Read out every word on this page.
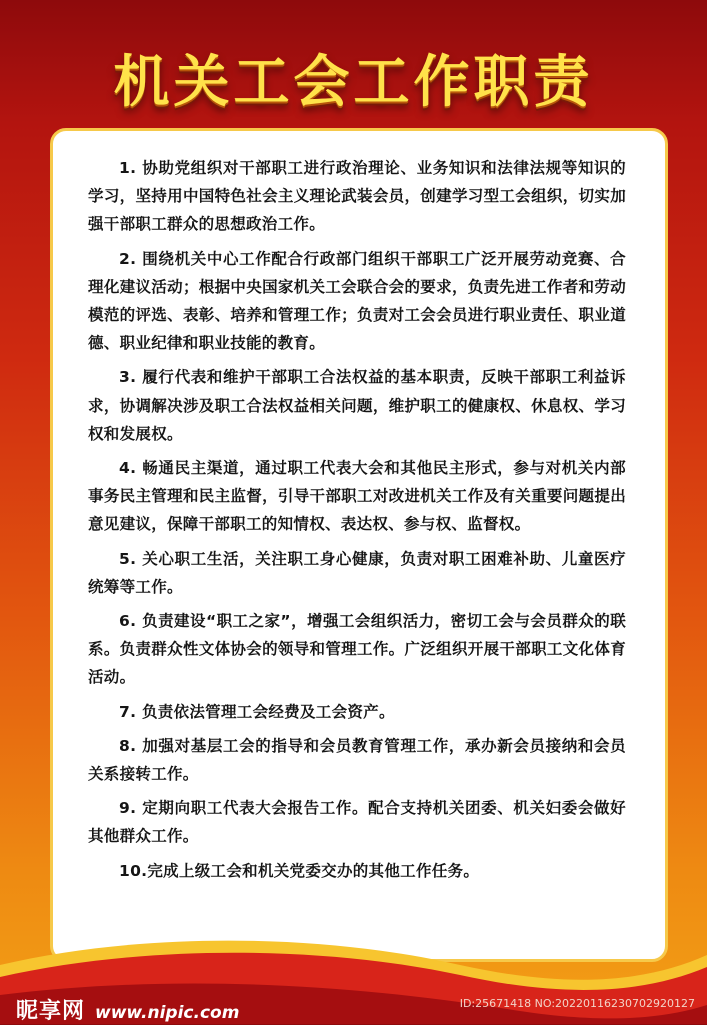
机关工会工作职责

1. 协助党组织对干部职工进行政治理论、业务知识和法律法规等知识的学习，坚持用中国特色社会主义理论武装会员，创建学习型工会组织，切实加强干部职工群众的思想政治工作。

2. 围绕机关中心工作配合行政部门组织干部职工广泛开展劳动竞赛、合理化建议活动；根据中央国家机关工会联合会的要求，负责先进工作者和劳动模范的评选、表彰、培养和管理工作；负责对工会会员进行职业责任、职业道德、职业纪律和职业技能的教育。

3. 履行代表和维护干部职工合法权益的基本职责，反映干部职工利益诉求，协调解决涉及职工合法权益相关问题，维护职工的健康权、休息权、学习权和发展权。

4. 畅通民主渠道，通过职工代表大会和其他民主形式，参与对机关内部事务民主管理和民主监督，引导干部职工对改进机关工作及有关重要问题提出意见建议，保障干部职工的知情权、表达权、参与权、监督权。

5. 关心职工生活，关注职工身心健康，负责对职工困难补助、儿童医疗统筹等工作。

6. 负责建设“职工之家”，增强工会组织活力，密切工会与会员群众的联系。负责群众性文体协会的领导和管理工作。广泛组织开展干部职工文化体育活动。

7. 负责依法管理工会经费及工会资产。

8. 加强对基层工会的指导和会员教育管理工作，承办新会员接纳和会员关系接转工作。

9. 定期向职工代表大会报告工作。配合支持机关团委、机关妇委会做好其他群众工作。

10.完成上级工会和机关党委交办的其他工作任务。

昵享网 www.nipic.com	ID:25671418 NO:20220116230702920127
